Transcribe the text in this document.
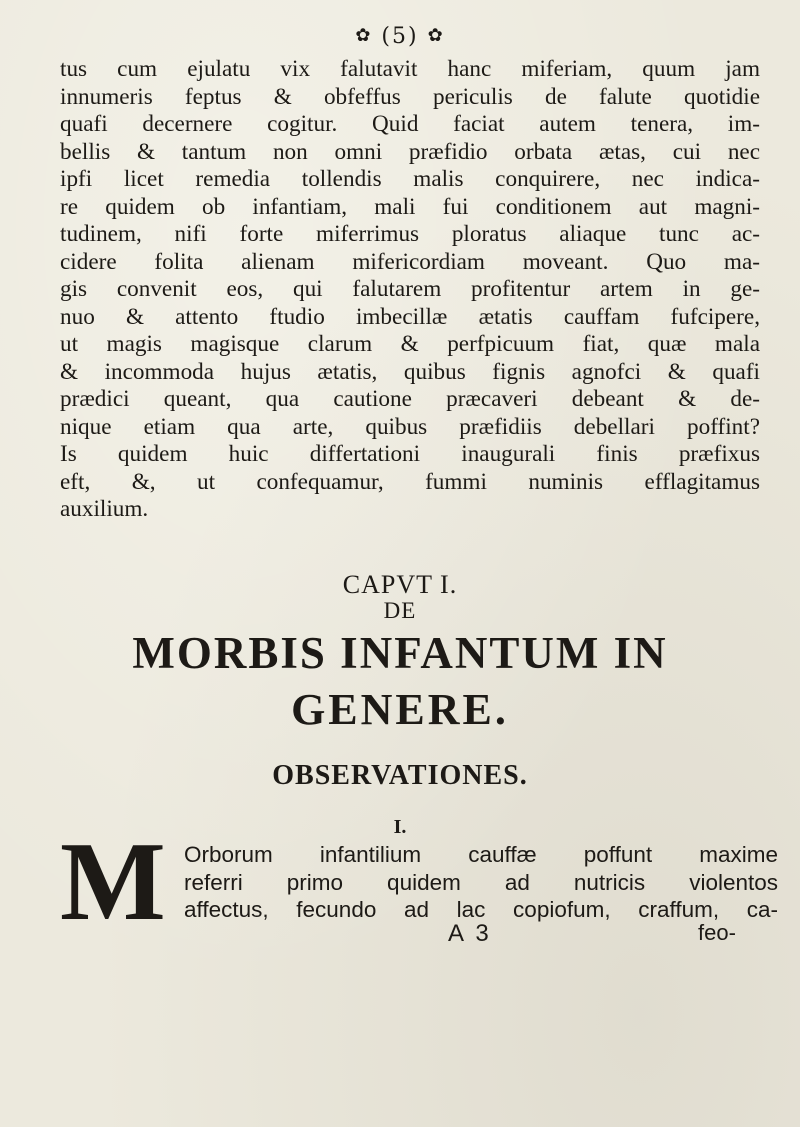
✿ (5) ✿
tus cum ejulatu vix falutavit hanc miferiam, quum jam
innumeris feptus & obfeffus periculis de falute quotidie
quafi decernere cogitur. Quid faciat autem tenera, im-
bellis & tantum non omni præfidio orbata ætas, cui nec
ipfi licet remedia tollendis malis conquirere, nec indica-
re quidem ob infantiam, mali fui conditionem aut magni-
tudinem, nifi forte miferrimus ploratus aliaque tunc ac-
cidere folita alienam mifericordiam moveant. Quo ma-
gis convenit eos, qui falutarem profitentur artem in ge-
nuo & attento ftudio imbecillæ ætatis cauffam fufcipere,
ut magis magisque clarum & perfpicuum fiat, quæ mala
& incommoda hujus ætatis, quibus fignis agnofci & quafi
prædici queant, qua cautione præcaveri debeant & de-
nique etiam qua arte, quibus præfidiis debellari poffint?
Is quidem huic differtationi inaugurali finis præfixus
eft, &, ut confequamur, fummi numinis efflagitamus
auxilium.
CAPVT I.
DE
MORBIS INFANTUM IN
GENERE.
OBSERVATIONES.
I.
M Orborum infantilium cauffæ poffunt maxime
referri primo quidem ad nutricis violentos
affectus, fecundo ad lac copiofum, craffum, ca-
A 3	feo-
